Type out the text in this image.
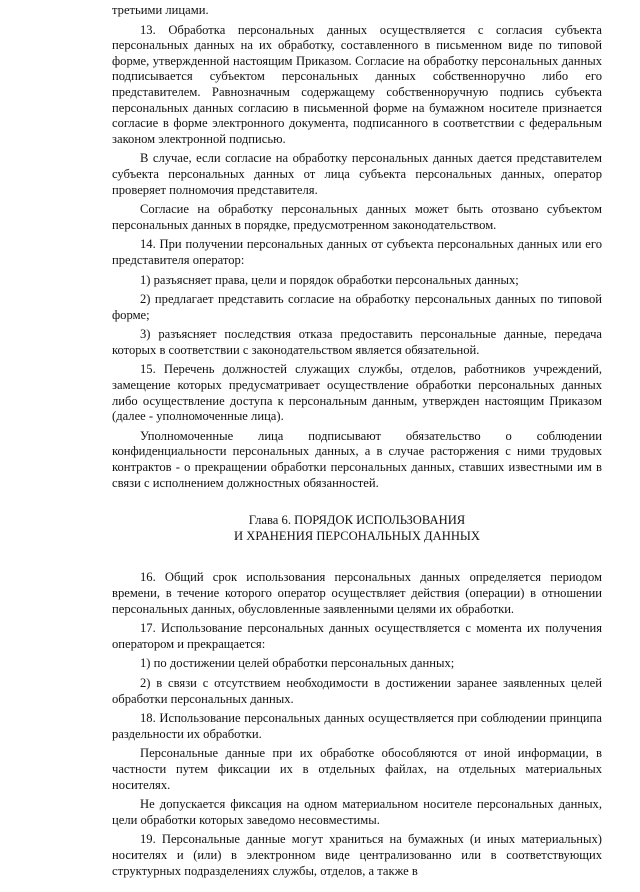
третьими лицами.

13. Обработка персональных данных осуществляется с согласия субъекта персональных данных на их обработку, составленного в письменном виде по типовой форме, утвержденной настоящим Приказом. Согласие на обработку персональных данных подписывается субъектом персональных данных собственноручно либо его представителем. Равнозначным содержащему собственноручную подпись субъекта персональных данных согласию в письменной форме на бумажном носителе признается согласие в форме электронного документа, подписанного в соответствии с федеральным законом электронной подписью.

В случае, если согласие на обработку персональных данных дается представителем субъекта персональных данных от лица субъекта персональных данных, оператор проверяет полномочия представителя.

Согласие на обработку персональных данных может быть отозвано субъектом персональных данных в порядке, предусмотренном законодательством.

14. При получении персональных данных от субъекта персональных данных или его представителя оператор:

1) разъясняет права, цели и порядок обработки персональных данных;

2) предлагает представить согласие на обработку персональных данных по типовой форме;

3) разъясняет последствия отказа предоставить персональные данные, передача которых в соответствии с законодательством является обязательной.

15. Перечень должностей служащих службы, отделов, работников учреждений, замещение которых предусматривает осуществление обработки персональных данных либо осуществление доступа к персональным данным, утвержден настоящим Приказом (далее - уполномоченные лица).

Уполномоченные лица подписывают обязательство о соблюдении конфиденциальности персональных данных, а в случае расторжения с ними трудовых контрактов - о прекращении обработки персональных данных, ставших известными им в связи с исполнением должностных обязанностей.

Глава 6. ПОРЯДОК ИСПОЛЬЗОВАНИЯ
И ХРАНЕНИЯ ПЕРСОНАЛЬНЫХ ДАННЫХ

16. Общий срок использования персональных данных определяется периодом времени, в течение которого оператор осуществляет действия (операции) в отношении персональных данных, обусловленные заявленными целями их обработки.

17. Использование персональных данных осуществляется с момента их получения оператором и прекращается:

1) по достижении целей обработки персональных данных;

2) в связи с отсутствием необходимости в достижении заранее заявленных целей обработки персональных данных.

18. Использование персональных данных осуществляется при соблюдении принципа раздельности их обработки.

Персональные данные при их обработке обособляются от иной информации, в частности путем фиксации их в отдельных файлах, на отдельных материальных носителях.

Не допускается фиксация на одном материальном носителе персональных данных, цели обработки которых заведомо несовместимы.

19. Персональные данные могут храниться на бумажных (и иных материальных) носителях и (или) в электронном виде централизованно или в соответствующих структурных подразделениях службы, отделов, а также в
